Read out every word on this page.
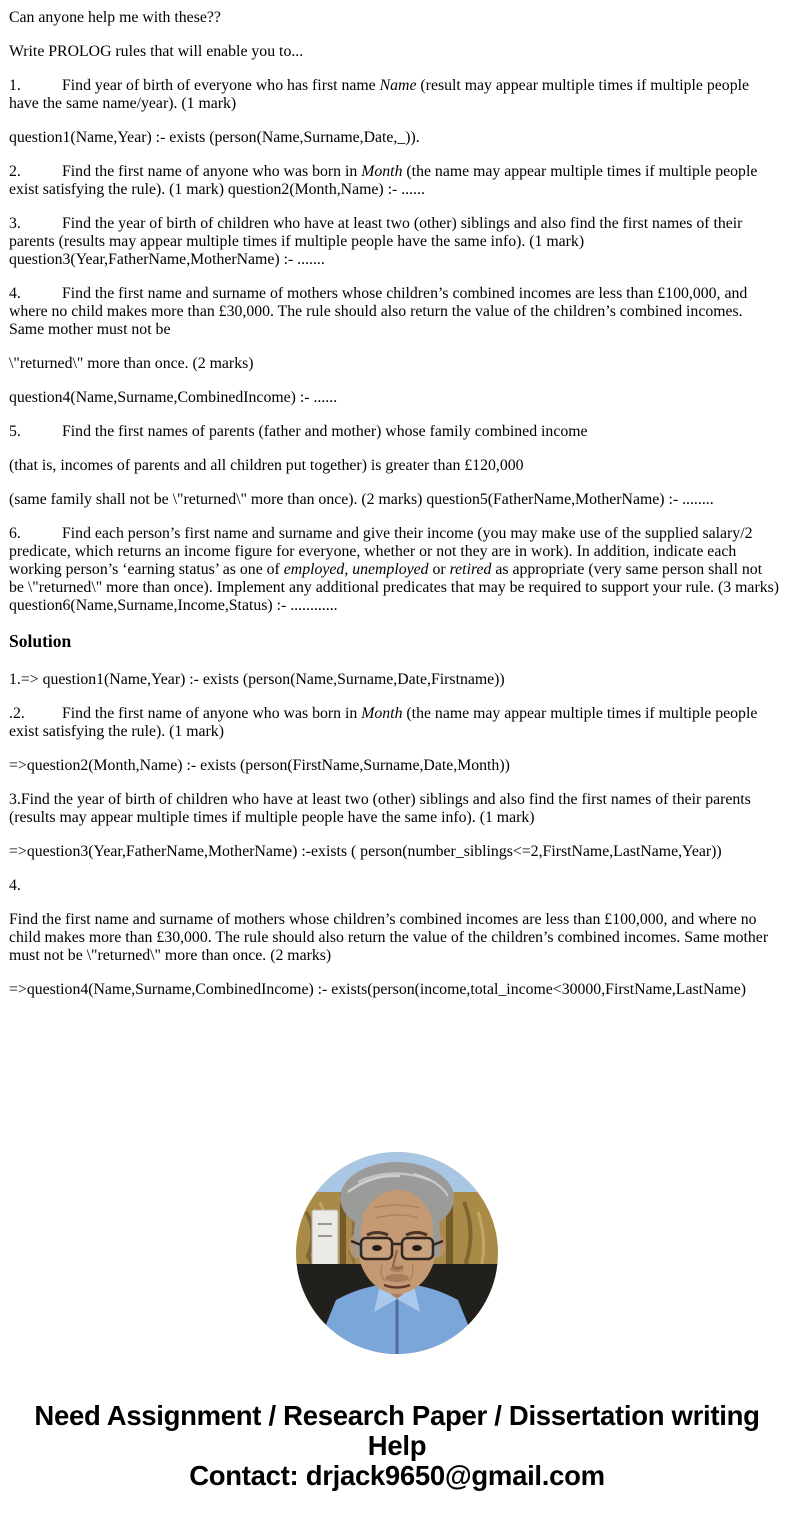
Can anyone help me with these??

Write PROLOG rules that will enable you to...

1.	Find year of birth of everyone who has first name Name (result may appear multiple times if multiple people have the same name/year). (1 mark)

question1(Name,Year) :- exists (person(Name,Surname,Date,_)).

2.	Find the first name of anyone who was born in Month (the name may appear multiple times if multiple people exist satisfying the rule). (1 mark) question2(Month,Name) :- ......

3.	Find the year of birth of children who have at least two (other) siblings and also find the first names of their parents (results may appear multiple times if multiple people have the same info). (1 mark) question3(Year,FatherName,MotherName) :- .......

4.	Find the first name and surname of mothers whose children’s combined incomes are less than £100,000, and where no child makes more than £30,000. The rule should also return the value of the children’s combined incomes. Same mother must not be

\"returned\" more than once. (2 marks)

question4(Name,Surname,CombinedIncome) :- ......

5.	Find the first names of parents (father and mother) whose family combined income

(that is, incomes of parents and all children put together) is greater than £120,000

(same family shall not be \"returned\" more than once). (2 marks) question5(FatherName,MotherName) :- ........

6.	Find each person’s first name and surname and give their income (you may make use of the supplied salary/2 predicate, which returns an income figure for everyone, whether or not they are in work). In addition, indicate each working person’s ‘earning status’ as one of employed, unemployed or retired as appropriate (very same person shall not be \"returned\" more than once). Implement any additional predicates that may be required to support your rule. (3 marks) question6(Name,Surname,Income,Status) :- ............

Solution

1.=> question1(Name,Year) :- exists (person(Name,Surname,Date,Firstname))

.2. Find the first name of anyone who was born in Month (the name may appear multiple times if multiple people exist satisfying the rule). (1 mark)

=>question2(Month,Name) :- exists (person(FirstName,Surname,Date,Month))

3.Find the year of birth of children who have at least two (other) siblings and also find the first names of their parents (results may appear multiple times if multiple people have the same info). (1 mark)

=>question3(Year,FatherName,MotherName) :-exists ( person(number_siblings<=2,FirstName,LastName,Year))

4.

Find the first name and surname of mothers whose children’s combined incomes are less than £100,000, and where no child makes more than £30,000. The rule should also return the value of the children’s combined incomes. Same mother must not be \"returned\" more than once. (2 marks)

=>question4(Name,Surname,CombinedIncome) :- exists(person(income,total_income<30000,FirstName,LastName)

Need Assignment / Research Paper / Dissertation writing Help
Contact: drjack9650@gmail.com
